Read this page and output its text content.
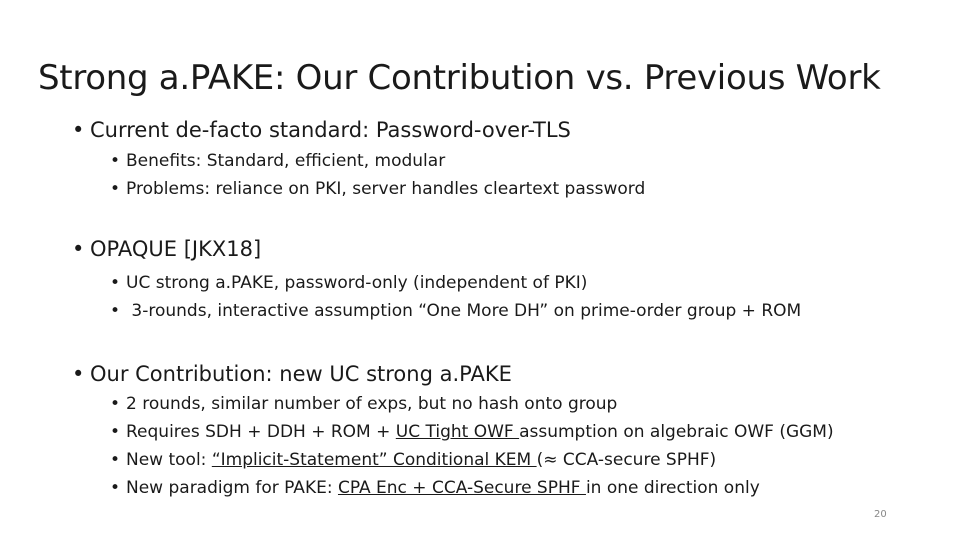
Strong a.PAKE: Our Contribution vs. Previous Work
• Current de-facto standard: Password-over-TLS
• Benefits: Standard, efficient, modular
• Problems: reliance on PKI, server handles cleartext password
• OPAQUE [JKX18]
• UC strong a.PAKE, password-only (independent of PKI)
• 3-rounds, interactive assumption “One More DH” on prime-order group + ROM
• Our Contribution: new UC strong a.PAKE
• 2 rounds, similar number of exps, but no hash onto group
• Requires SDH + DDH + ROM + UC Tight OWF assumption on algebraic OWF (GGM)
• New tool: “Implicit-Statement” Conditional KEM (≈ CCA-secure SPHF)
• New paradigm for PAKE: CPA Enc + CCA-Secure SPHF in one direction only
20
